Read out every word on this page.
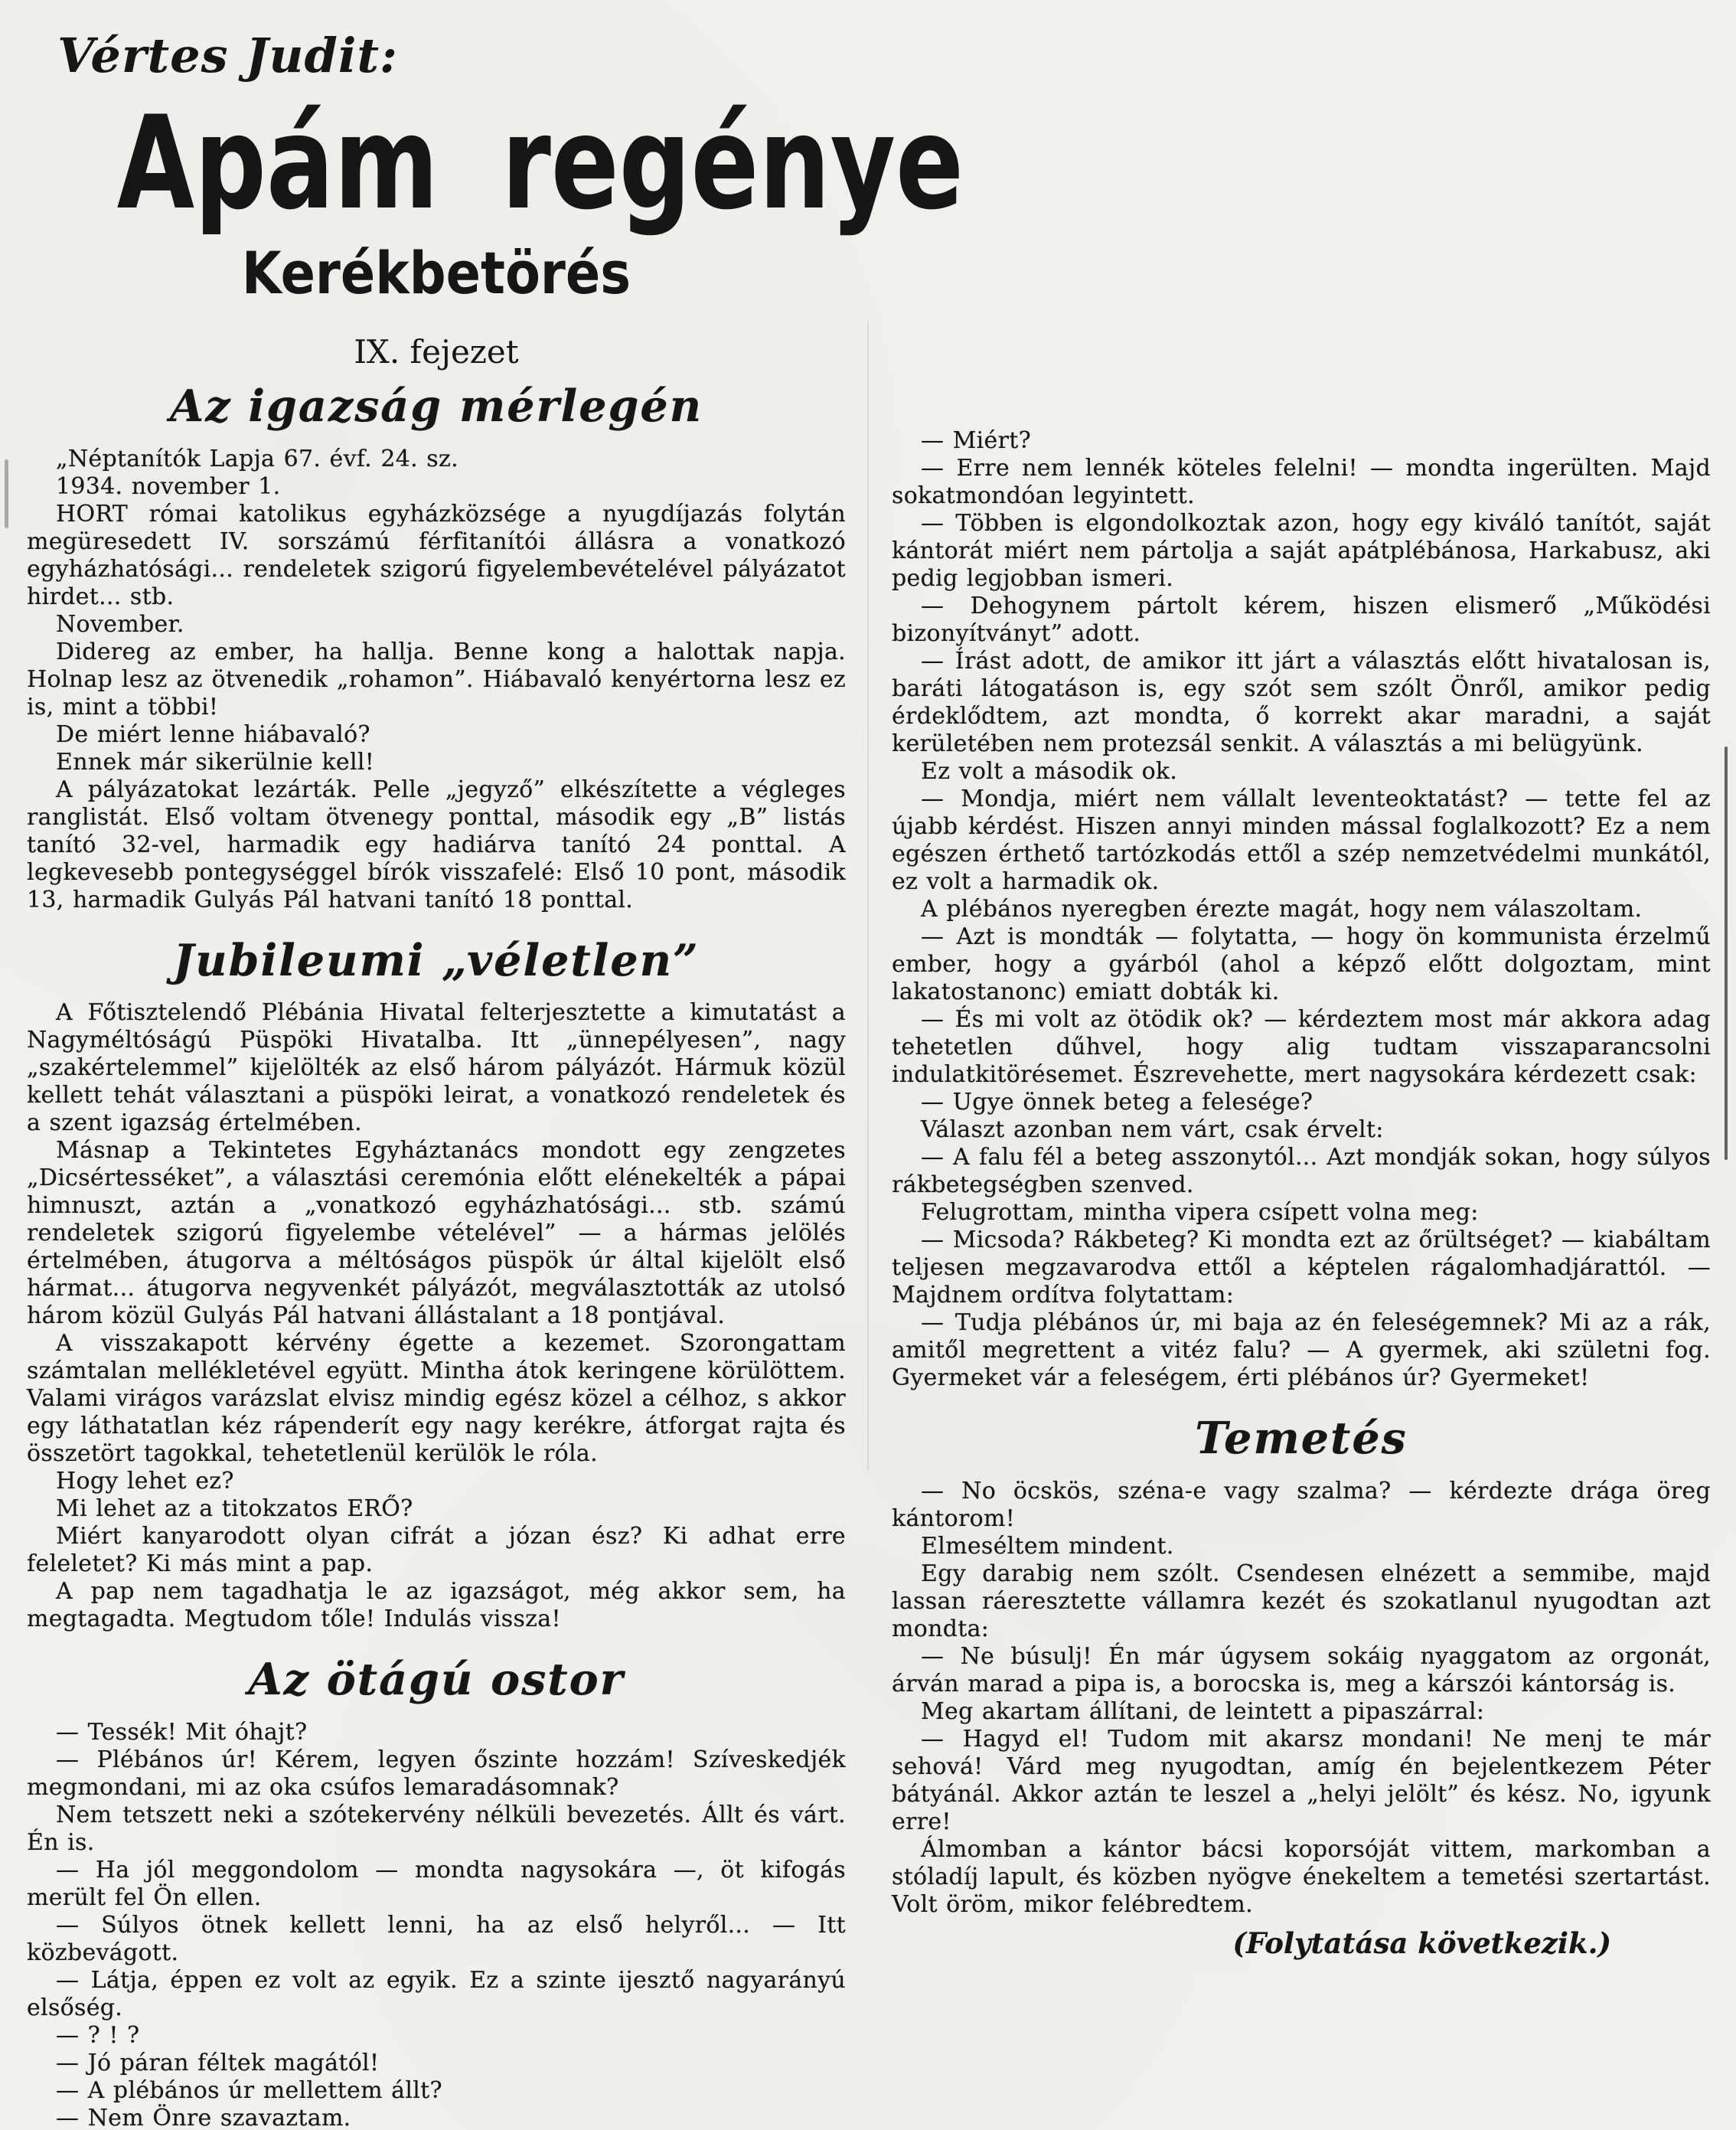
Vértes Judit:
Apám regénye
Kerékbetörés
IX. fejezet
Az igazság mérlegén

„Néptanítók Lapja 67. évf. 24. sz.

1934. november 1.

HORT római katolikus egyházközsége a nyugdíjazás folytán megüresedett IV. sorszámú férfitanítói állásra a vonatkozó egyházhatósági... rendeletek szigorú figyelembevételével pályázatot hirdet... stb.

November.

Didereg az ember, ha hallja. Benne kong a halottak napja. Holnap lesz az ötvenedik „rohamon”. Hiábavaló kenyértorna lesz ez is, mint a többi!

De miért lenne hiábavaló?

Ennek már sikerülnie kell!

A pályázatokat lezárták. Pelle „jegyző” elkészítette a végleges ranglistát. Első voltam ötvenegy ponttal, második egy „B” listás tanító 32-vel, harmadik egy hadiárva tanító 24 ponttal. A legkevesebb pontegységgel bírók visszafelé: Első 10 pont, második 13, harmadik Gulyás Pál hatvani tanító 18 ponttal.

Jubileumi „véletlen”

A Főtisztelendő Plébánia Hivatal felterjesztette a kimutatást a Nagyméltóságú Püspöki Hivatalba. Itt „ünnepélyesen”, nagy „szakértelemmel” kijelölték az első három pályázót. Hármuk közül kellett tehát választani a püspöki leirat, a vonatkozó rendeletek és a szent igazság értelmében.

Másnap a Tekintetes Egyháztanács mondott egy zengzetes „Dicsértesséket”, a választási ceremónia előtt elénekelték a pápai himnuszt, aztán a „vonatkozó egyházhatósági... stb. számú rendeletek szigorú figyelembe vételével” — a hármas jelölés értelmében, átugorva a méltóságos püspök úr által kijelölt első hármat... átugorva negyvenkét pályázót, megválasztották az utolsó három közül Gulyás Pál hatvani állástalant a 18 pontjával.

A visszakapott kérvény égette a kezemet. Szorongattam számtalan mellékletével együtt. Mintha átok keringene körülöttem. Valami virágos varázslat elvisz mindig egész közel a célhoz, s akkor egy láthatatlan kéz rápenderít egy nagy kerékre, átforgat rajta és összetört tagokkal, tehetetlenül kerülök le róla.

Hogy lehet ez?

Mi lehet az a titokzatos ERŐ?

Miért kanyarodott olyan cifrát a józan ész? Ki adhat erre feleletet? Ki más mint a pap.

A pap nem tagadhatja le az igazságot, még akkor sem, ha megtagadta. Megtudom tőle! Indulás vissza!

Az ötágú ostor

— Tessék! Mit óhajt?

— Plébános úr! Kérem, legyen őszinte hozzám! Szíveskedjék megmondani, mi az oka csúfos lemaradásomnak?

Nem tetszett neki a szótekervény nélküli bevezetés. Állt és várt. Én is.

— Ha jól meggondolom — mondta nagysokára —, öt kifogás merült fel Ön ellen.

— Súlyos ötnek kellett lenni, ha az első helyről... — Itt közbevágott.

— Látja, éppen ez volt az egyik. Ez a szinte ijesztő nagyarányú elsőség.

— ? ! ?

— Jó páran féltek magától!

— A plébános úr mellettem állt?

— Nem Önre szavaztam.

— Miért?

— Erre nem lennék köteles felelni! — mondta ingerülten. Majd sokatmondóan legyintett.

— Többen is elgondolkoztak azon, hogy egy kiváló tanítót, saját kántorát miért nem pártolja a saját apátplébánosa, Harkabusz, aki pedig legjobban ismeri.

— Dehogynem pártolt kérem, hiszen elismerő „Működési bizonyítványt” adott.

— Írást adott, de amikor itt járt a választás előtt hivatalosan is, baráti látogatáson is, egy szót sem szólt Önről, amikor pedig érdeklődtem, azt mondta, ő korrekt akar maradni, a saját kerületében nem protezsál senkit. A választás a mi belügyünk.

Ez volt a második ok.

— Mondja, miért nem vállalt leventeoktatást? — tette fel az újabb kérdést. Hiszen annyi minden mással foglalkozott? Ez a nem egészen érthető tartózkodás ettől a szép nemzetvédelmi munkától, ez volt a harmadik ok.

A plébános nyeregben érezte magát, hogy nem válaszoltam.

— Azt is mondták — folytatta, — hogy ön kommunista érzelmű ember, hogy a gyárból (ahol a képző előtt dolgoztam, mint lakatostanonc) emiatt dobták ki.

— És mi volt az ötödik ok? — kérdeztem most már akkora adag tehetetlen dűhvel, hogy alig tudtam visszaparancsolni indulatkitörésemet. Észrevehette, mert nagysokára kérdezett csak:

— Ugye önnek beteg a felesége?

Választ azonban nem várt, csak érvelt:

— A falu fél a beteg asszonytól... Azt mondják sokan, hogy súlyos rákbetegségben szenved.

Felugrottam, mintha vipera csípett volna meg:

— Micsoda? Rákbeteg? Ki mondta ezt az őrültséget? — kiabáltam teljesen megzavarodva ettől a képtelen rágalomhadjárattól. — Majdnem ordítva folytattam:

— Tudja plébános úr, mi baja az én feleségemnek? Mi az a rák, amitől megrettent a vitéz falu? — A gyermek, aki születni fog. Gyermeket vár a feleségem, érti plébános úr? Gyermeket!

Temetés

— No öcskös, széna-e vagy szalma? — kérdezte drága öreg kántorom!

Elmeséltem mindent.

Egy darabig nem szólt. Csendesen elnézett a semmibe, majd lassan ráeresztette vállamra kezét és szokatlanul nyugodtan azt mondta:

— Ne búsulj! Én már úgysem sokáig nyaggatom az orgonát, árván marad a pipa is, a borocska is, meg a kárszói kántorság is.

Meg akartam állítani, de leintett a pipaszárral:

— Hagyd el! Tudom mit akarsz mondani! Ne menj te már sehová! Várd meg nyugodtan, amíg én bejelentkezem Péter bátyánál. Akkor aztán te leszel a „helyi jelölt” és kész. No, igyunk erre!

Álmomban a kántor bácsi koporsóját vittem, markomban a stóladíj lapult, és közben nyögve énekeltem a temetési szertartást. Volt öröm, mikor felébredtem.

(Folytatása következik.)
